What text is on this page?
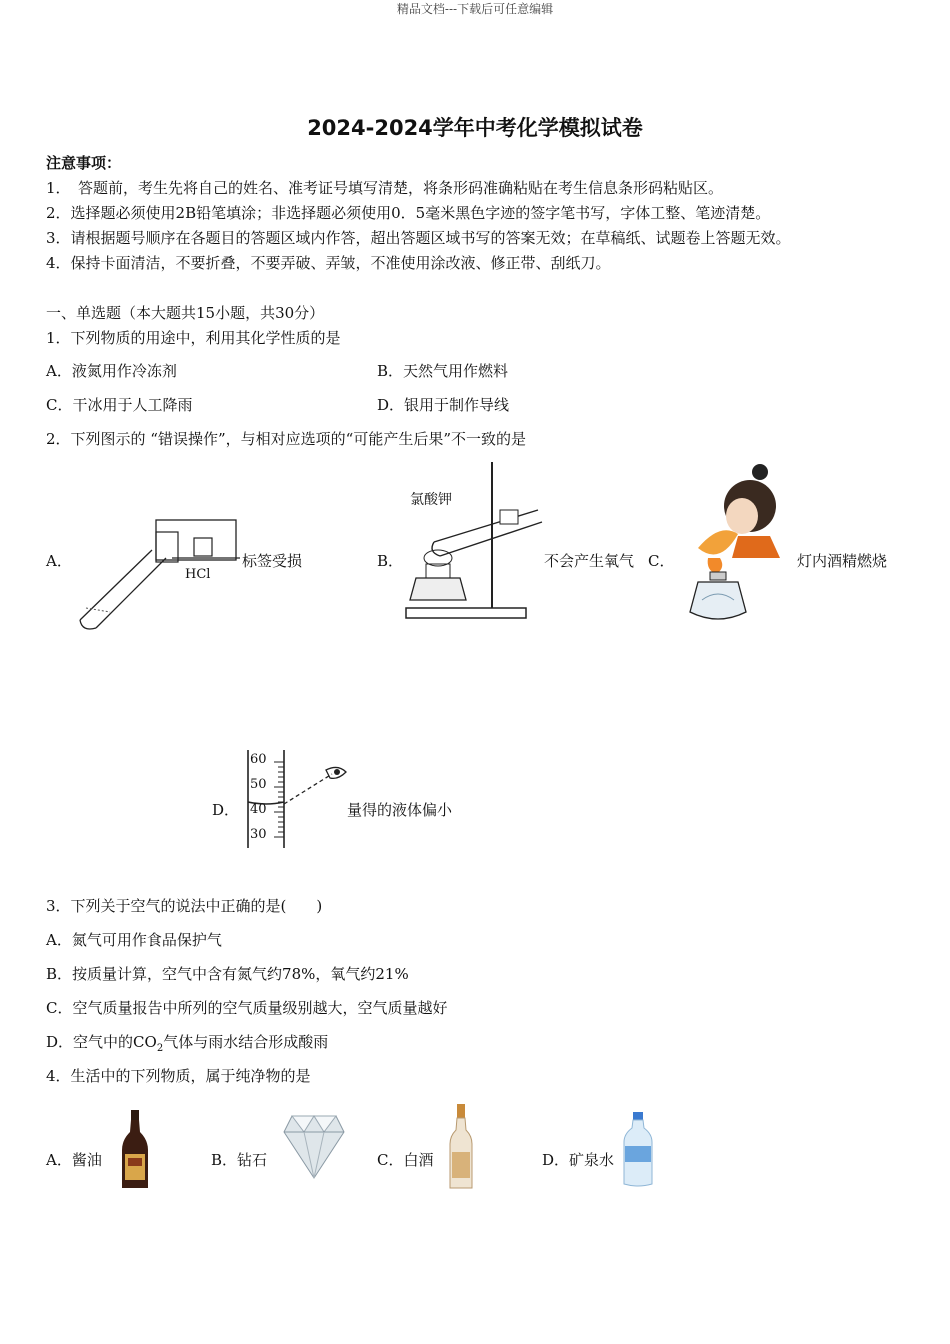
精品文档---下载后可任意编辑
2024-2024学年中考化学模拟试卷
注意事项：
1．　答题前，考生先将自己的姓名、准考证号填写清楚，将条形码准确粘贴在考生信息条形码粘贴区。
2．选择题必须使用2B铅笔填涂；非选择题必须使用0．5毫米黑色字迹的签字笔书写，字体工整、笔迹清楚。
3．请根据题号顺序在各题目的答题区域内作答，超出答题区域书写的答案无效；在草稿纸、试题卷上答题无效。
4．保持卡面清洁，不要折叠，不要弄破、弄皱，不准使用涂改液、修正带、刮纸刀。
一、单选题（本大题共15小题，共30分）
1．下列物质的用途中，利用其化学性质的是
A．液氮用作冷冻剂	B．天然气用作燃料
C．干冰用于人工降雨	D．银用于制作导线
2．下列图示的 “错误操作”，与相对应选项的“可能产生后果”不一致的是
A．
HCl
标签受损	B．
氯酸钾
不会产生氧气 C．	灯内酒精燃烧
D．
60
50
40
30
量得的液体偏小
3．下列关于空气的说法中正确的是(　　)
A．氮气可用作食品保护气
B．按质量计算，空气中含有氮气约78%，氧气约21%
C．空气质量报告中所列的空气质量级别越大，空气质量越好
D．空气中的$CO_2$气体与雨水结合形成酸雨
4．生活中的下列物质，属于纯净物的是
A．酱油	B．钻石	C．白酒	D．矿泉水
